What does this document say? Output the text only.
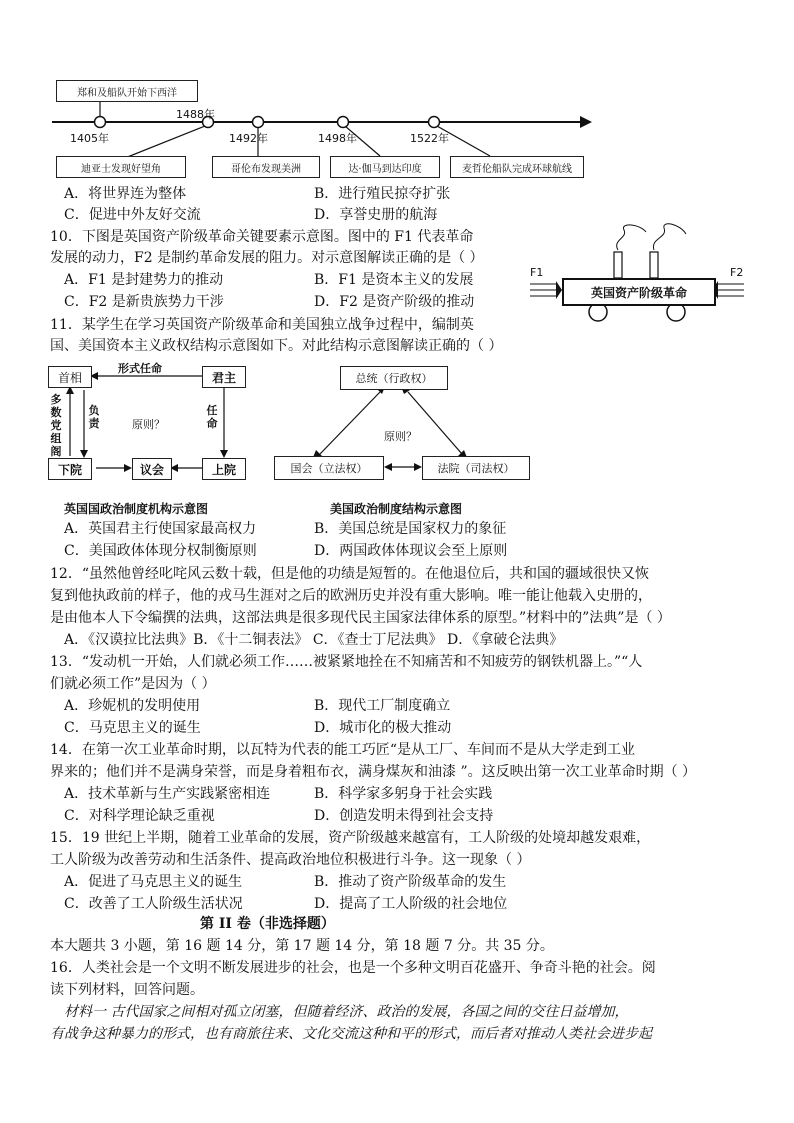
郑和及船队开始下西洋
1405年
1488年
1492年	1498年	1522年
迪亚士发现好望角	哥伦布发现美洲	达·伽马到达印度	麦哲伦船队完成环球航线
A．将世界连为整体	B．进行殖民掠夺扩张
C．促进中外友好交流	D．享誉史册的航海
10．下图是英国资产阶级革命关键要素示意图。图中的 F1 代表革命
发展的动力，F2 是制约革命发展的阻力。对示意图解读正确的是（ ）
A．F1 是封建势力的推动	B．F1 是资本主义的发展
C．F2 是新贵族势力干涉	D．F2 是资产阶级的推动
英国资产阶级革命
F1	F2
11．某学生在学习英国资产阶级革命和美国独立战争过程中，编制英
国、美国资本主义政权结构示意图如下。对此结构示意图解读正确的（ ）
首相	君主
形式任命
多数党组阁
负责
任命
原则？
下院	议会	上院
英国国政治制度机构示意图
总统（行政权）
原则？
国会（立法权）	法院（司法权）
美国政治制度结构示意图
A．英国君主行使国家最高权力	B．美国总统是国家权力的象征
C．美国政体体现分权制衡原则	D．两国政体体现议会至上原则
12．“虽然他曾经叱咤风云数十载，但是他的功绩是短暂的。在他退位后，共和国的疆域很快又恢
复到他执政前的样子，他的戎马生涯对之后的欧洲历史并没有重大影响。唯一能让他载入史册的，
是由他本人下令编撰的法典，这部法典是很多现代民主国家法律体系的原型。”材料中的”法典”是（ ）
A．《汉谟拉比法典》B．《十二铜表法》 C．《查士丁尼法典》 D．《拿破仑法典》
13．“发动机一开始，人们就必须工作……被紧紧地拴在不知痛苦和不知疲劳的钢铁机器上。”“人
们就必须工作”是因为（ ）
A．珍妮机的发明使用	B．现代工厂制度确立
C．马克思主义的诞生	D．城市化的极大推动
14．在第一次工业革命时期，以瓦特为代表的能工巧匠“是从工厂、车间而不是从大学走到工业
界来的；他们并不是满身荣誉，而是身着粗布衣，满身煤灰和油漆 ”。这反映出第一次工业革命时期（ ）
A．技术革新与生产实践紧密相连	B．科学家多躬身于社会实践
C．对科学理论缺乏重视	D．创造发明未得到社会支持
15．19 世纪上半期，随着工业革命的发展，资产阶级越来越富有，工人阶级的处境却越发艰难，
工人阶级为改善劳动和生活条件、提高政治地位积极进行斗争。这一现象（ ）
A．促进了马克思主义的诞生	B．推动了资产阶级革命的发生
C．改善了工人阶级生活状况	D．提高了工人阶级的社会地位
第 II 卷（非选择题）
本大题共 3 小题，第 16 题 14 分，第 17 题 14 分，第 18 题 7 分。共 35 分。
16．人类社会是一个文明不断发展进步的社会，也是一个多种文明百花盛开、争奇斗艳的社会。阅
读下列材料，回答问题。
材料一 古代国家之间相对孤立闭塞，但随着经济、政治的发展，各国之间的交往日益增加，
有战争这种暴力的形式，也有商旅往来、文化交流这种和平的形式，而后者对推动人类社会进步起
